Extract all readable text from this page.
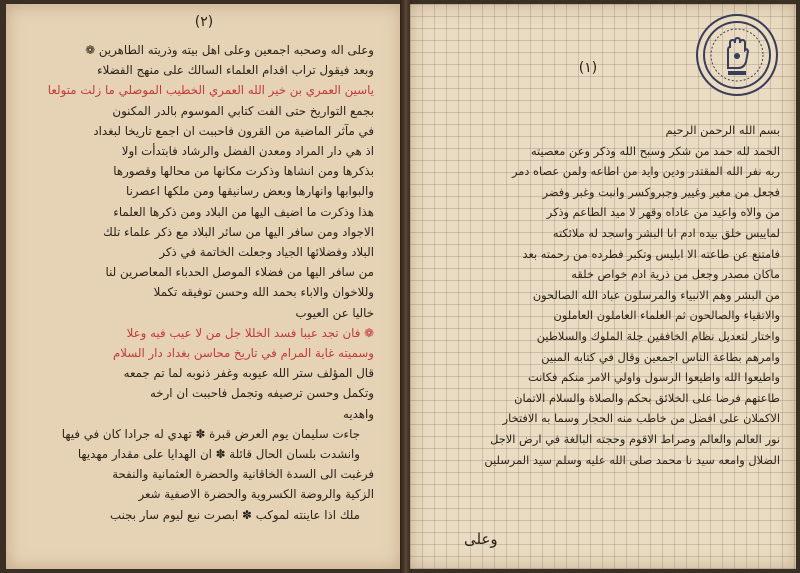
(٢)
وعلى اله وصحبه اجمعين وعلى اهل بيته وذريته الطاهرين ❁
وبعد فيقول تراب اقدام العلماء السالك على منهج الفضلاء
ياسين العمري بن خير الله العمري الخطيب الموصلي ما زلت متولعا
بجمع التواريخ حتى الفت كتابي الموسوم بالدر المكنون
في مآثر الماضية من القرون فاحببت ان اجمع تاريخا لبغداد
اذ هي دار المراد ومعدن الفضل والرشاد فابتدأت اولا
بذكرها ومن انشاها وذكرت مكانها من محالها وقصورها
والبوابها وانهارها وبعض رسانيقها ومن ملكها اعصرنا
هذا وذكرت ما اضيف اليها من البلاد ومن ذكرها العلماء
الاجواد ومن سافر اليها من سائر البلاد مع ذكر علماء تلك
البلاد وفضلائها الجياد وجعلت الخاتمة في ذكر
من سافر اليها من فضلاء الموصل الحدباء المعاصرين لنا
وللاخوان والاباء بحمد الله وحسن توفيقه تكملا
خاليا عن العيوب
❁ فان تجد عيبا فسد الخللا جل من لا عيب فيه وعلا
وسميته غاية المرام في تاريخ محاسن بغداد دار السلام
قال المؤلف ستر الله عيوبه وغفر ذنوبه لما تم جمعه
وتكمل وحسن ترصيفه وتجمل فاحببت ان ارخه
واهديه
جاءت سليمان يوم العرض قبرة ✽ تهدي له جرادا كان في فيها
وانشدت بلسان الحال قائلة ✽ ان الهدايا على مقدار مهديها
فرغبت الى السدة الخاقانية والحضرة العثمانية والنفحة
الزكية والروضة الكسروية والحضرة الاصفية شعر
ملك اذا عاينته لموكب ✽ ابصرت نبع ليوم سار بجنب
(١)
بسم الله الرحمن الرحيم
الحمد لله حمد من شكر وسبح الله وذكر وعن معصيته
ربه نفر الله المقتدر ودين وايد من اطاعه ولمن عصاه دمر
فجعل من مغير وغيير وجبروكسر وانبت وغبر وفضر
من والاه واعيد من عاداه وقهر لا ميد الطاعم وذكر
لماييس خلق بيده ادم ابا البشر واسجد له ملائكته
فامتنع عن طاعته الا ابليس وتكبر فطرده من رحمته بعد
ماكان مصدر وجعل من ذرية ادم خواص خلقه
من البشر وهم الانبياء والمرسلون عباد الله الصالحون
والاتقياء والصالحون ثم العلماء العاملون العاملون
واختار لتعديل نظام الخافقين جلة الملوك والسلاطين
وامرهم بطاعة الناس اجمعين وقال في كتابه المبين
واطيعوا الله واطيعوا الرسول واولي الامر منكم فكانت
طاعتهم فرضا على الخلائق بحكم والصلاة والسلام الاتمان
الاكملان على افضل من خاطب منه الحجار وسما به الافتخار
نور العالم والعالم وصراط الاقوم وحجته البالغة في ارض الاجل
الضلال وامعه سيد نا محمد صلى الله عليه وسلم سيد المرسلين
وعلى
